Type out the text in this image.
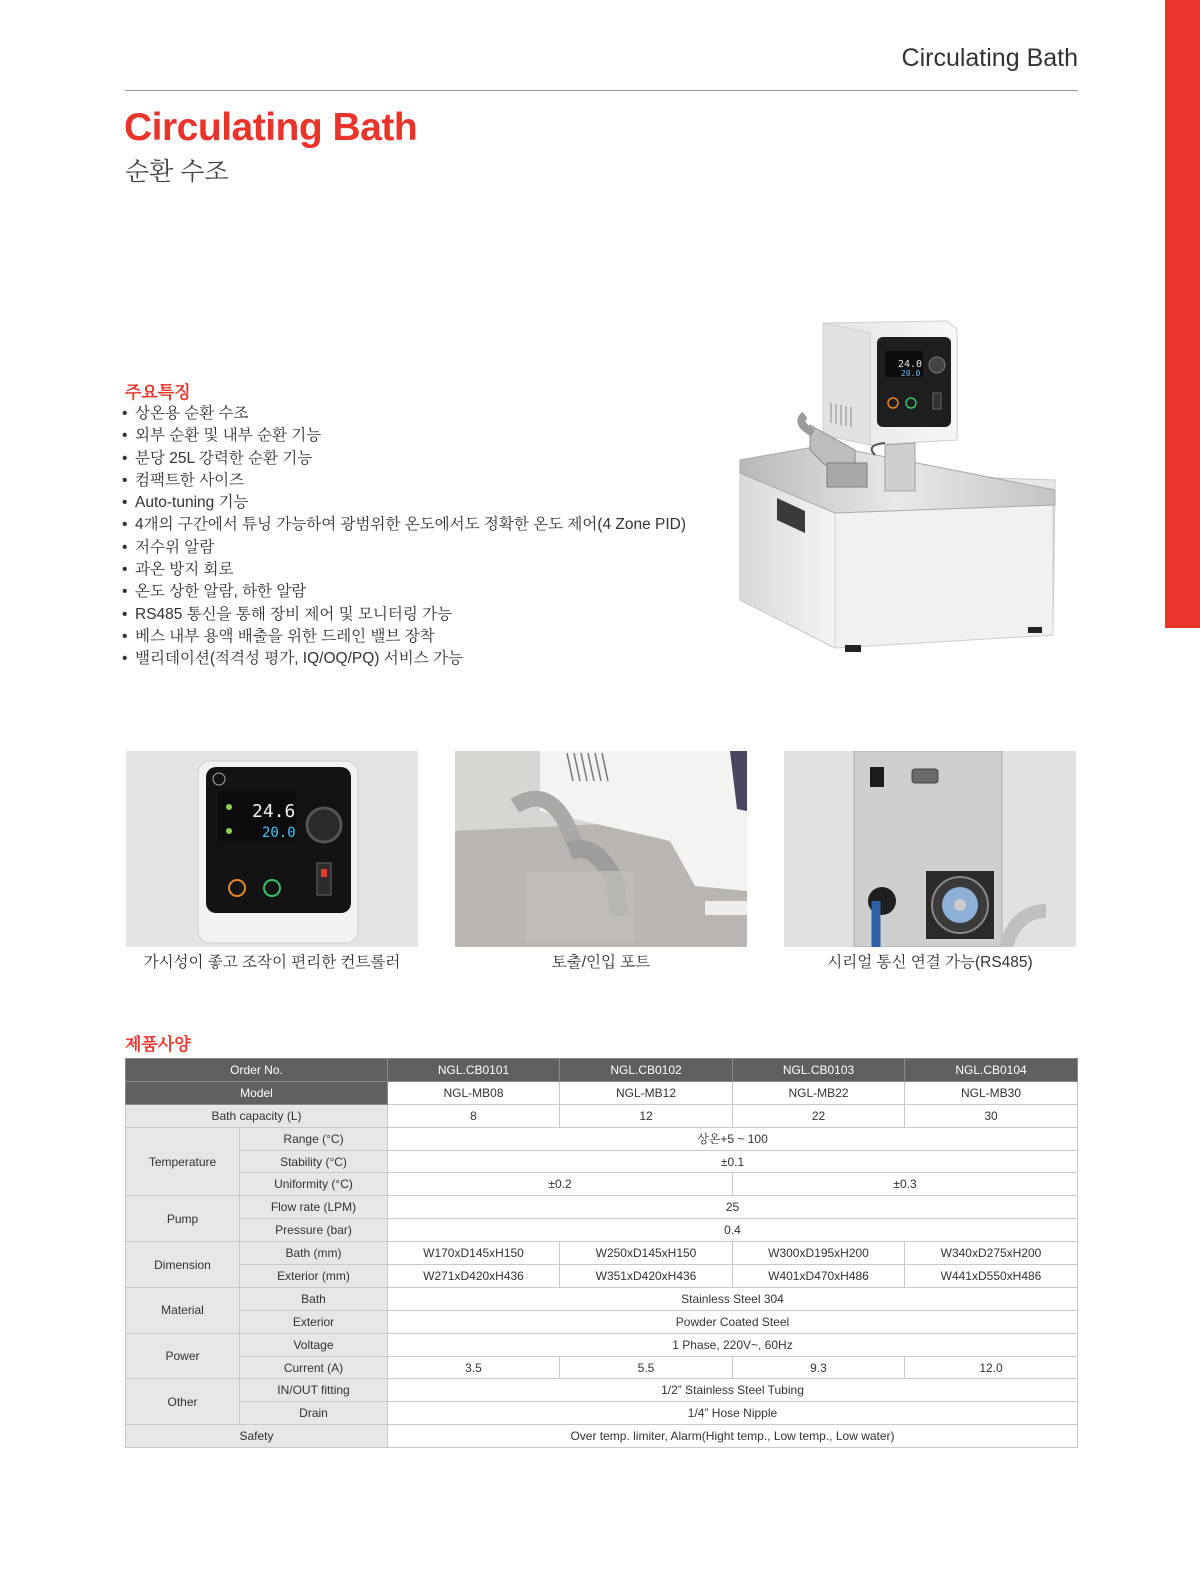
Circulating Bath
Circulating Bath
순환 수조
주요특징
• 상온용 순환 수조
• 외부 순환 및 내부 순환 기능
• 분당 25L 강력한 순환 기능
• 컴팩트한 사이즈
• Auto-tuning 기능
• 4개의 구간에서 튜닝 가능하여 광범위한 온도에서도 정확한 온도 제어(4 Zone PID)
• 저수위 알람
• 과온 방지 회로
• 온도 상한 알람, 하한 알람
• RS485 통신을 통해 장비 제어 및 모니터링 가능
• 베스 내부 용액 배출을 위한 드레인 밸브 장착
• 밸리데이션(적격성 평가, IQ/OQ/PQ) 서비스 가능
24.0
20.0
24.6
20.0
가시성이 좋고 조작이 편리한 컨트롤러	토출/인입 포트	시리얼 통신 연결 가능(RS485)
제품사양
Order No.		NGL.CB0101	NGL.CB0102	NGL.CB0103	NGL.CB0104
Model		NGL-MB08	NGL-MB12	NGL-MB22	NGL-MB30
Bath capacity (L)		8	12	22	30
Temperature	Range (°C)	상온+5 ~ 100			
	Stability (°C)	±0.1			
	Uniformity (°C)	±0.2		±0.3	
Pump	Flow rate (LPM)	25			
	Pressure (bar)	0.4			
Dimension	Bath (mm)	W170xD145xH150	W250xD145xH150	W300xD195xH200	W340xD275xH200
	Exterior (mm)	W271xD420xH436	W351xD420xH436	W401xD470xH486	W441xD550xH486
Material	Bath	Stainless Steel 304			
	Exterior	Powder Coated Steel			
Power	Voltage	1 Phase, 220V~, 60Hz			
	Current (A)	3.5	5.5	9.3	12.0
Other	IN/OUT fitting	1/2” Stainless Steel Tubing			
	Drain	1/4” Hose Nipple			
Safety		Over temp. limiter, Alarm(Hight temp., Low temp., Low water)			
